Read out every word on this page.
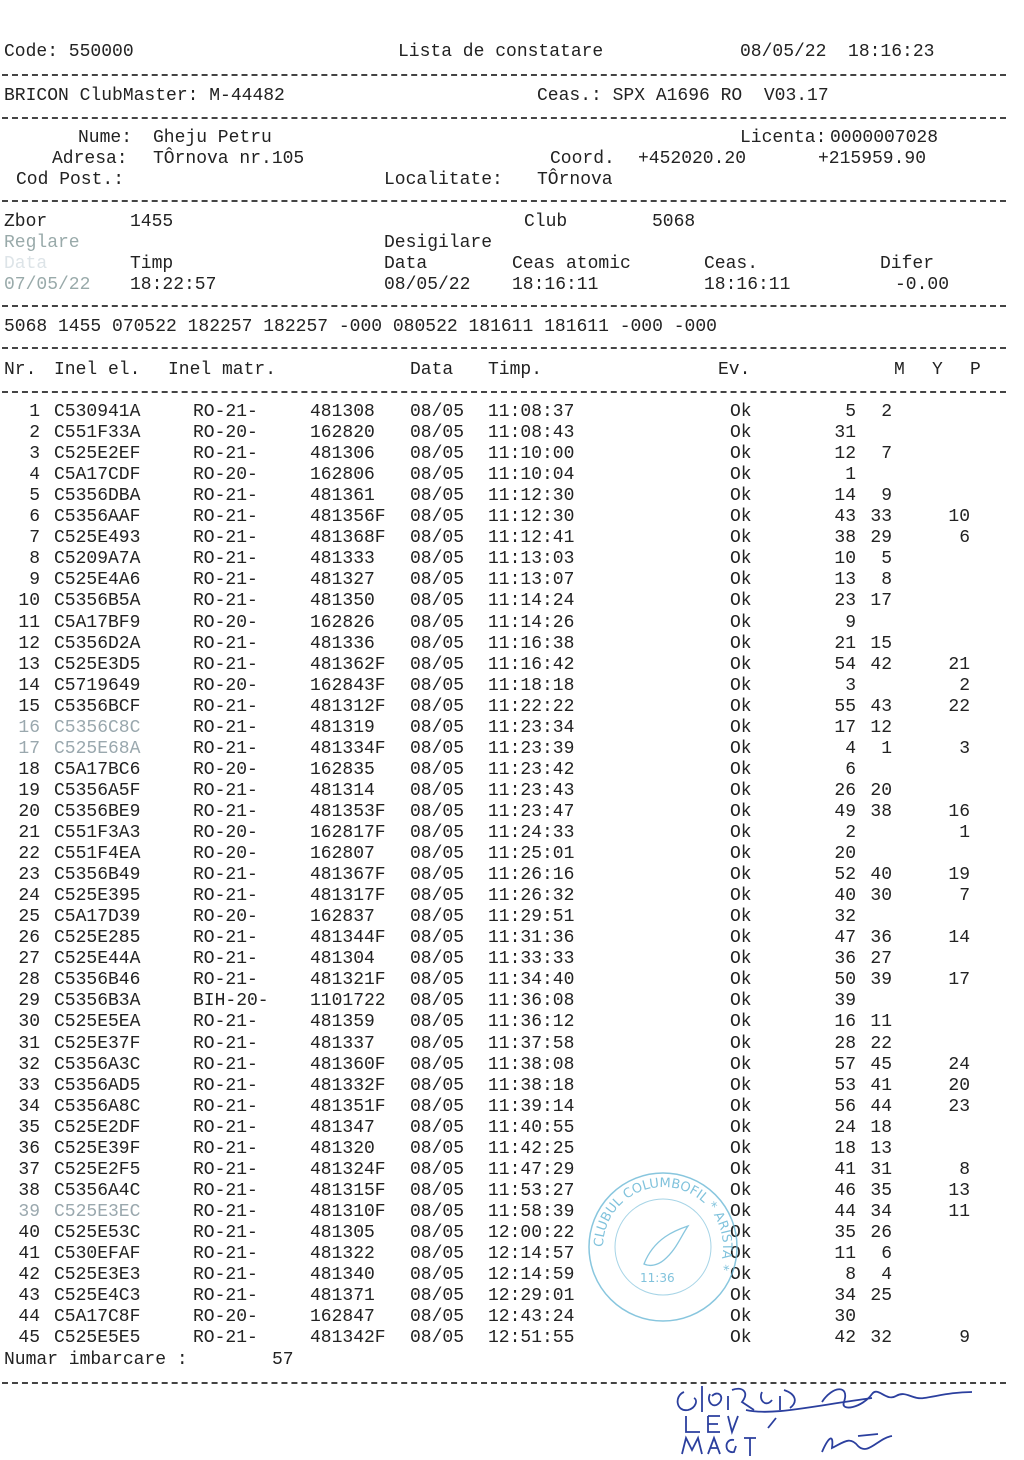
Code: 550000	Lista de constatare	08/05/22  18:16:23
BRICON ClubMaster: M-44482	Ceas.: SPX A1696 RO  V03.17
Nume: Gheju Petru	Licenta: 0000007028
Adresa: TÔrnova nr.105	Coord. +452020.20	+215959.90
Cod Post.:	Localitate: TÔrnova
Zbor	1455	Club	5068
Reglare	Desigilare
Data	Timp	Data	Ceas atomic	Ceas.	Difer
07/05/22 18:22:57	08/05/22 18:16:11	18:16:11	-0.00
5068 1455 070522 182257 182257 -000 080522 181611 181611 -000 -000
Nr. Inel el. Inel matr.	Data Timp.	Ev.	M Y P
1 C530941A	RO-21-	481308 08/05 11:08:37	Ok	5 2
2 C551F33A	RO-20-	162820 08/05 11:08:43	Ok	31
3 C525E2EF	RO-21-	481306 08/05 11:10:00	Ok	12 7
4 C5A17CDF	RO-20-	162806 08/05 11:10:04	Ok	1
5 C5356DBA	RO-21-	481361 08/05 11:12:30	Ok	14 9
6 C5356AAF	RO-21-	481356F 08/05 11:12:30	Ok	43 33	10
7 C525E493	RO-21-	481368F 08/05 11:12:41	Ok	38 29	6
8 C5209A7A	RO-21-	481333 08/05 11:13:03	Ok	10 5
9 C525E4A6	RO-21-	481327 08/05 11:13:07	Ok	13 8
10 C5356B5A	RO-21-	481350 08/05 11:14:24	Ok	23 17
11 C5A17BF9	RO-20-	162826 08/05 11:14:26	Ok	9
12 C5356D2A	RO-21-	481336 08/05 11:16:38	Ok	21 15
13 C525E3D5	RO-21-	481362F 08/05 11:16:42	Ok	54 42	21
14 C5719649	RO-20-	162843F 08/05 11:18:18	Ok	3	2
15 C5356BCF	RO-21-	481312F 08/05 11:22:22	Ok	55 43	22
16 C5356C8C	RO-21-	481319 08/05 11:23:34	Ok	17 12
17 C525E68A	RO-21-	481334F 08/05 11:23:39	Ok	4 1	3
18 C5A17BC6	RO-20-	162835 08/05 11:23:42	Ok	6
19 C5356A5F	RO-21-	481314 08/05 11:23:43	Ok	26 20
20 C5356BE9	RO-21-	481353F 08/05 11:23:47	Ok	49 38	16
21 C551F3A3	RO-20-	162817F 08/05 11:24:33	Ok	2	1
22 C551F4EA	RO-20-	162807 08/05 11:25:01	Ok	20
23 C5356B49	RO-21-	481367F 08/05 11:26:16	Ok	52 40	19
24 C525E395	RO-21-	481317F 08/05 11:26:32	Ok	40 30	7
25 C5A17D39	RO-20-	162837 08/05 11:29:51	Ok	32
26 C525E285	RO-21-	481344F 08/05 11:31:36	Ok	47 36	14
27 C525E44A	RO-21-	481304 08/05 11:33:33	Ok	36 27
28 C5356B46	RO-21-	481321F 08/05 11:34:40	Ok	50 39	17
29 C5356B3A	BIH-20- 1101722 08/05 11:36:08	Ok	39
30 C525E5EA	RO-21-	481359 08/05 11:36:12	Ok	16 11
31 C525E37F	RO-21-	481337 08/05 11:37:58	Ok	28 22
32 C5356A3C	RO-21-	481360F 08/05 11:38:08	Ok	57 45	24
33 C5356AD5	RO-21-	481332F 08/05 11:38:18	Ok	53 41	20
34 C5356A8C	RO-21-	481351F 08/05 11:39:14	Ok	56 44	23
35 C525E2DF	RO-21-	481347 08/05 11:40:55	Ok	24 18
36 C525E39F	RO-21-	481320 08/05 11:42:25	Ok	18 13
37 C525E2F5	RO-21-	481324F 08/05 11:47:29	Ok	41 31	8
38 C5356A4C	RO-21-	481315F 08/05 11:53:27	Ok	46 35	13
39 C525E3EC	RO-21-	481310F 08/05 11:58:39	Ok	44 34	11
40 C525E53C	RO-21-	481305 08/05 12:00:22	Ok	35 26
41 C530EFAF	RO-21-	481322 08/05 12:14:57	Ok	11 6
42 C525E3E3	RO-21-	481340 08/05 12:14:59	Ok	8 4
43 C525E4C3	RO-21-	481371 08/05 12:29:01	Ok	34 25
44 C5A17C8F	RO-20-	162847 08/05 12:43:24	Ok	30
45 C525E5E5	RO-21-	481342F 08/05 12:51:55	Ok	42 32	9
Numar imbarcare :	57
CLUBUL COLUMBOFIL * ARISTA *
11:36
